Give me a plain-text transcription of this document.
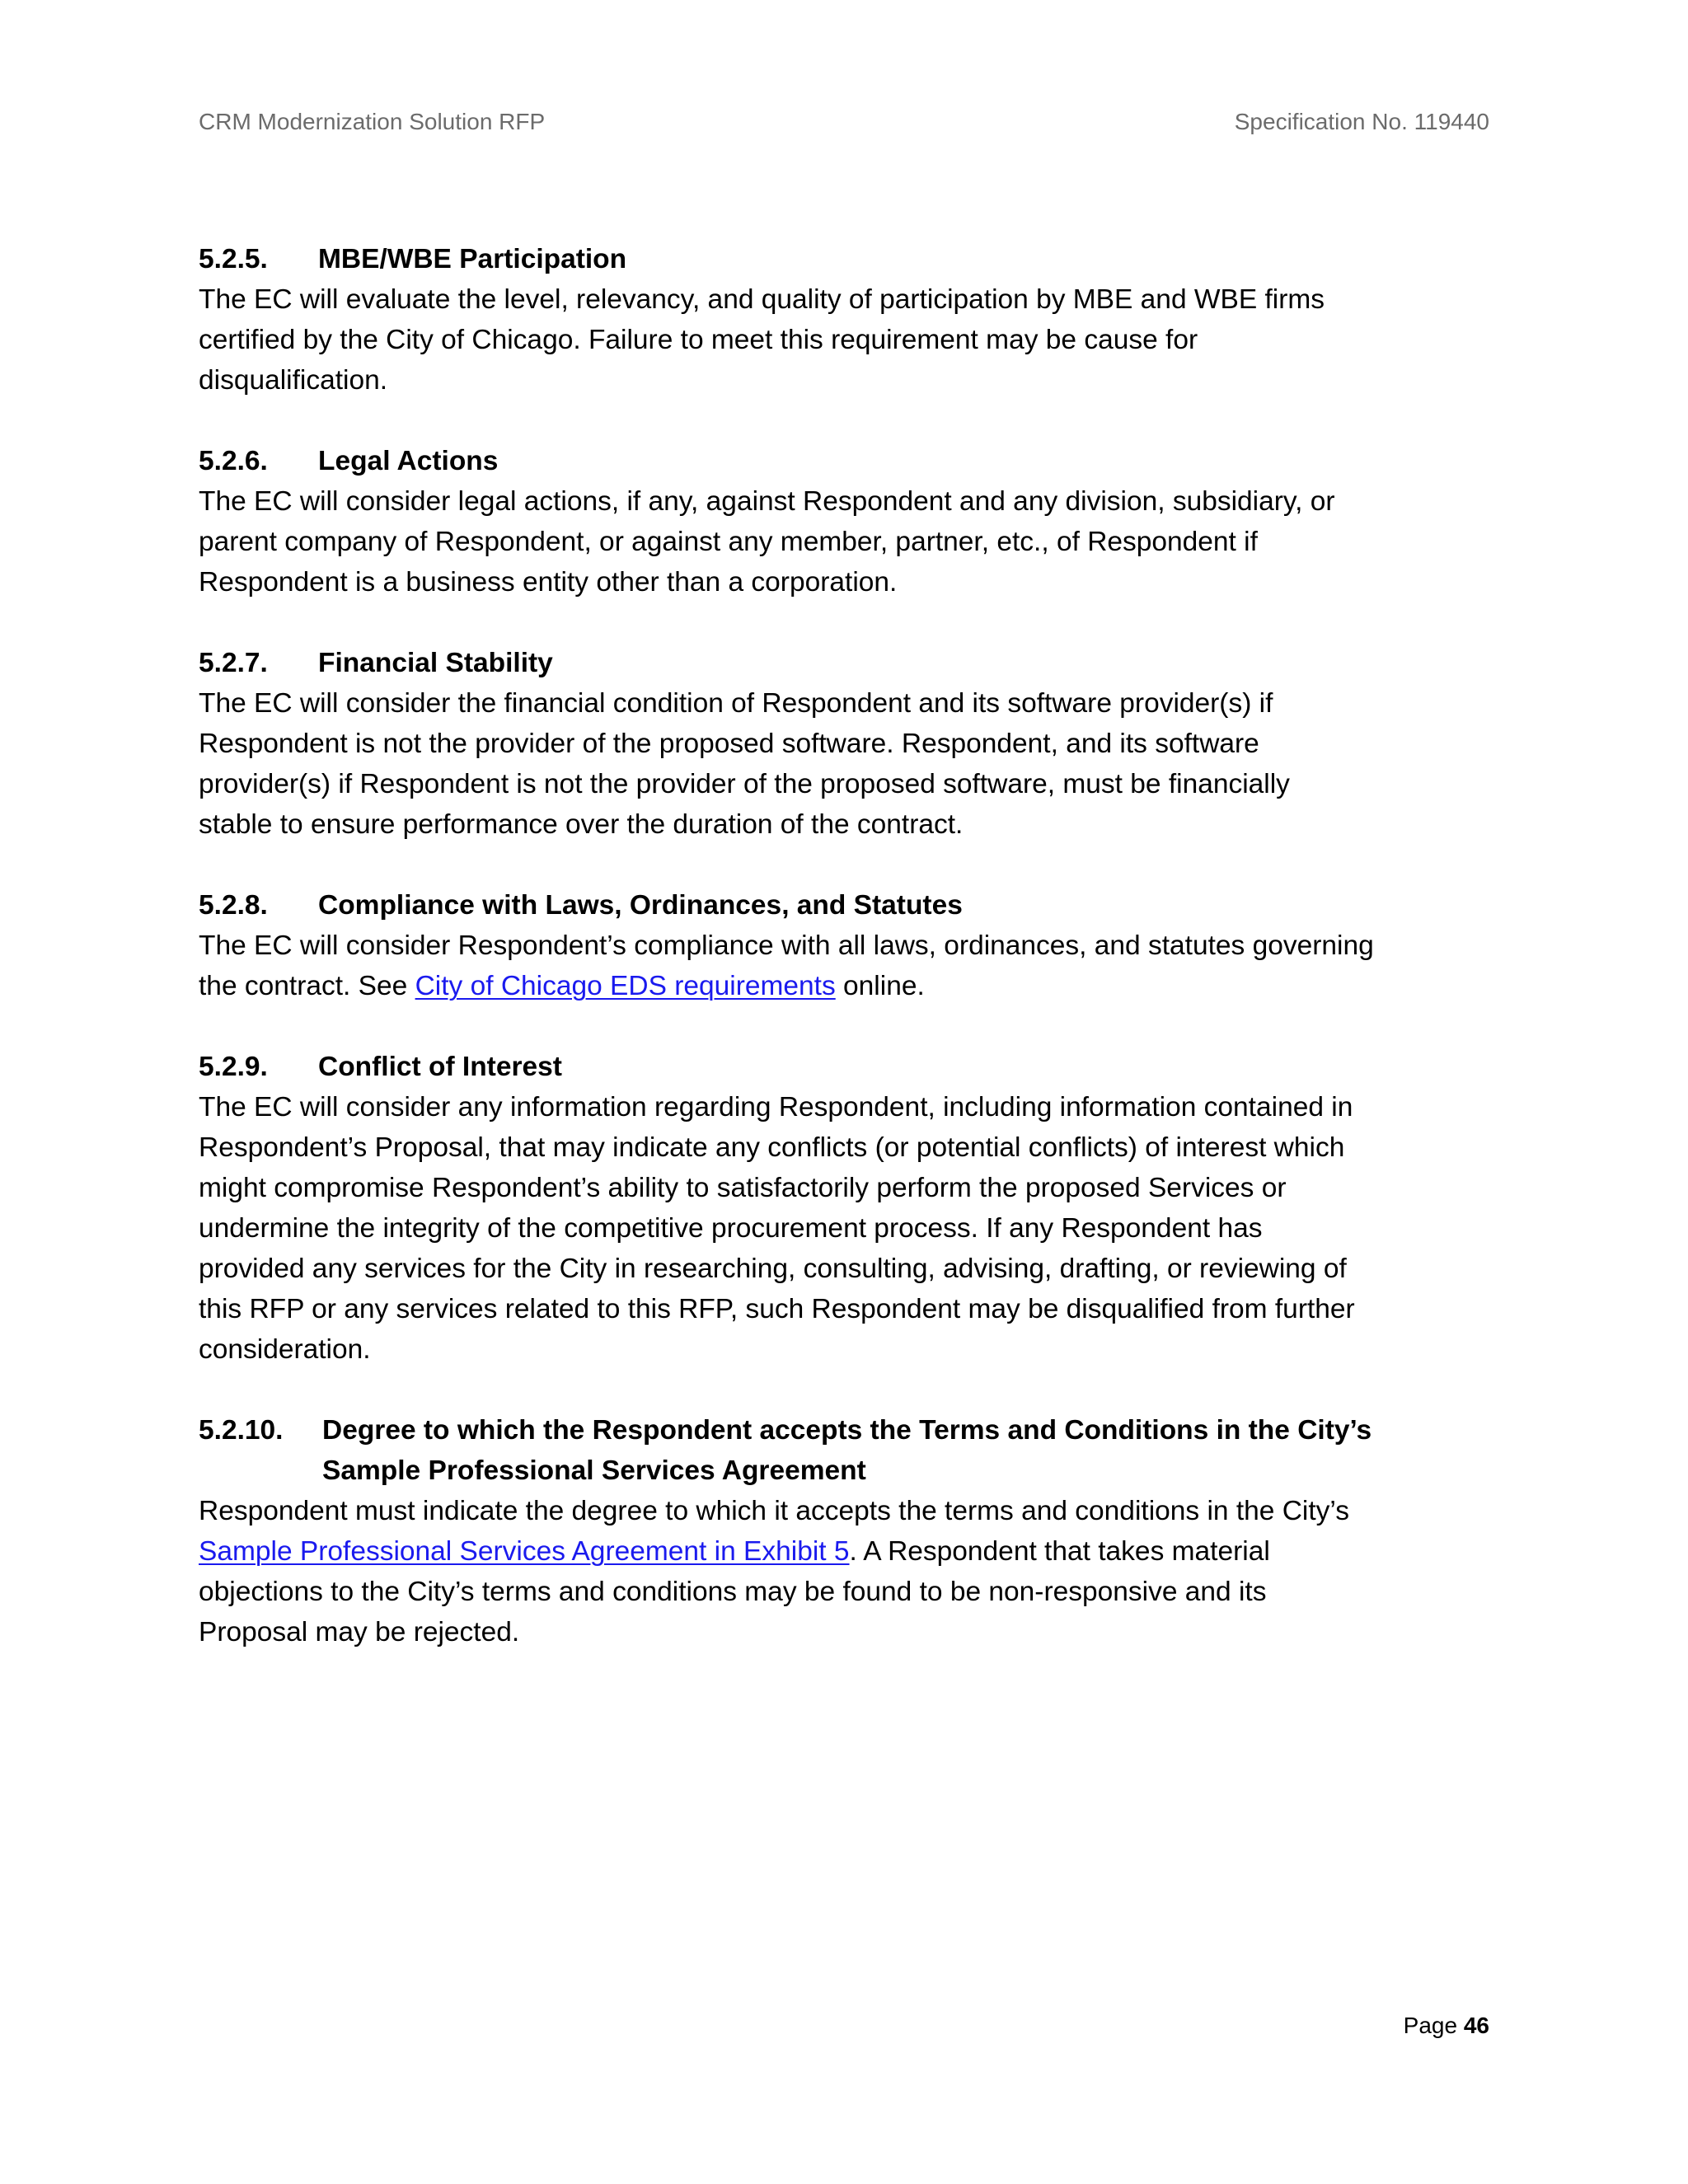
CRM Modernization Solution RFP	Specification No. 119440
5.2.5. MBE/WBE Participation
The EC will evaluate the level, relevancy, and quality of participation by MBE and WBE firms
certified by the City of Chicago. Failure to meet this requirement may be cause for
disqualification.
5.2.6. Legal Actions
The EC will consider legal actions, if any, against Respondent and any division, subsidiary, or
parent company of Respondent, or against any member, partner, etc., of Respondent if
Respondent is a business entity other than a corporation.
5.2.7. Financial Stability
The EC will consider the financial condition of Respondent and its software provider(s) if
Respondent is not the provider of the proposed software. Respondent, and its software
provider(s) if Respondent is not the provider of the proposed software, must be financially
stable to ensure performance over the duration of the contract.
5.2.8. Compliance with Laws, Ordinances, and Statutes
The EC will consider Respondent’s compliance with all laws, ordinances, and statutes governing
the contract. See City of Chicago EDS requirements online.
5.2.9. Conflict of Interest
The EC will consider any information regarding Respondent, including information contained in
Respondent’s Proposal, that may indicate any conflicts (or potential conflicts) of interest which
might compromise Respondent’s ability to satisfactorily perform the proposed Services or
undermine the integrity of the competitive procurement process. If any Respondent has
provided any services for the City in researching, consulting, advising, drafting, or reviewing of
this RFP or any services related to this RFP, such Respondent may be disqualified from further
consideration.
5.2.10.	Degree to which the Respondent accepts the Terms and Conditions in the City’s
Sample Professional Services Agreement
Respondent must indicate the degree to which it accepts the terms and conditions in the City’s
Sample Professional Services Agreement in Exhibit 5. A Respondent that takes material
objections to the City’s terms and conditions may be found to be non-responsive and its
Proposal may be rejected.
Page 46
